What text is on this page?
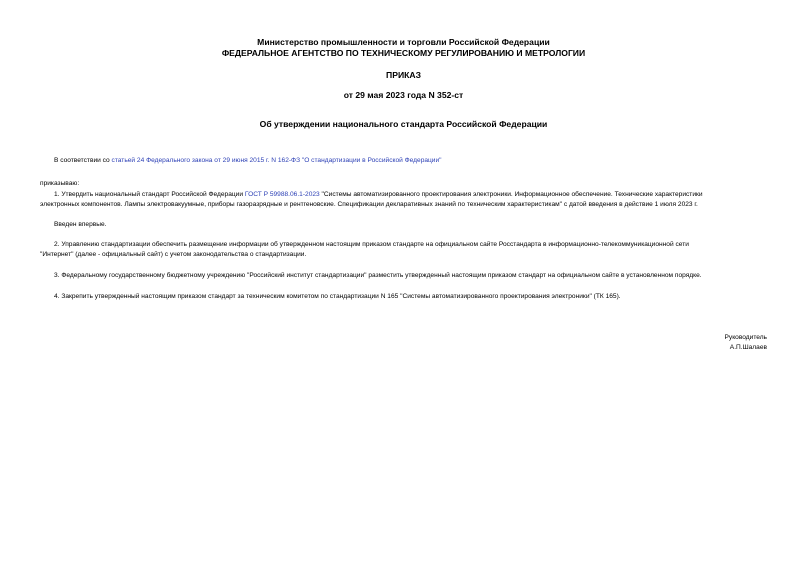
Министерство промышленности и торговли Российской Федерации
ФЕДЕРАЛЬНОЕ АГЕНТСТВО ПО ТЕХНИЧЕСКОМУ РЕГУЛИРОВАНИЮ И МЕТРОЛОГИИ
ПРИКАЗ
от 29 мая 2023 года N 352-ст
Об утверждении национального стандарта Российской Федерации
В соответствии со статьей 24 Федерального закона от 29 июня 2015 г. N 162-ФЗ "О стандартизации в Российской Федерации"
приказываю:
1. Утвердить национальный стандарт Российской Федерации ГОСТ Р 59988.06.1-2023 "Системы автоматизированного проектирования электроники. Информационное обеспечение. Технические характеристики
электронных компонентов. Лампы электровакуумные, приборы газоразрядные и рентгеновские. Спецификации декларативных знаний по техническим характеристикам" с датой введения в действие 1 июля 2023 г.
Введен впервые.
2. Управлению стандартизации обеспечить размещение информации об утвержденном настоящим приказом стандарте на официальном сайте Росстандарта в информационно-телекоммуникационной сети
"Интернет" (далее - официальный сайт) с учетом законодательства о стандартизации.
3. Федеральному государственному бюджетному учреждению "Российский институт стандартизации" разместить утвержденный настоящим приказом стандарт на официальном сайте в установленном порядке.
4. Закрепить утвержденный настоящим приказом стандарт за техническим комитетом по стандартизации N 165 "Системы автоматизированного проектирования электроники" (ТК 165).
Руководитель
А.П.Шалаев
